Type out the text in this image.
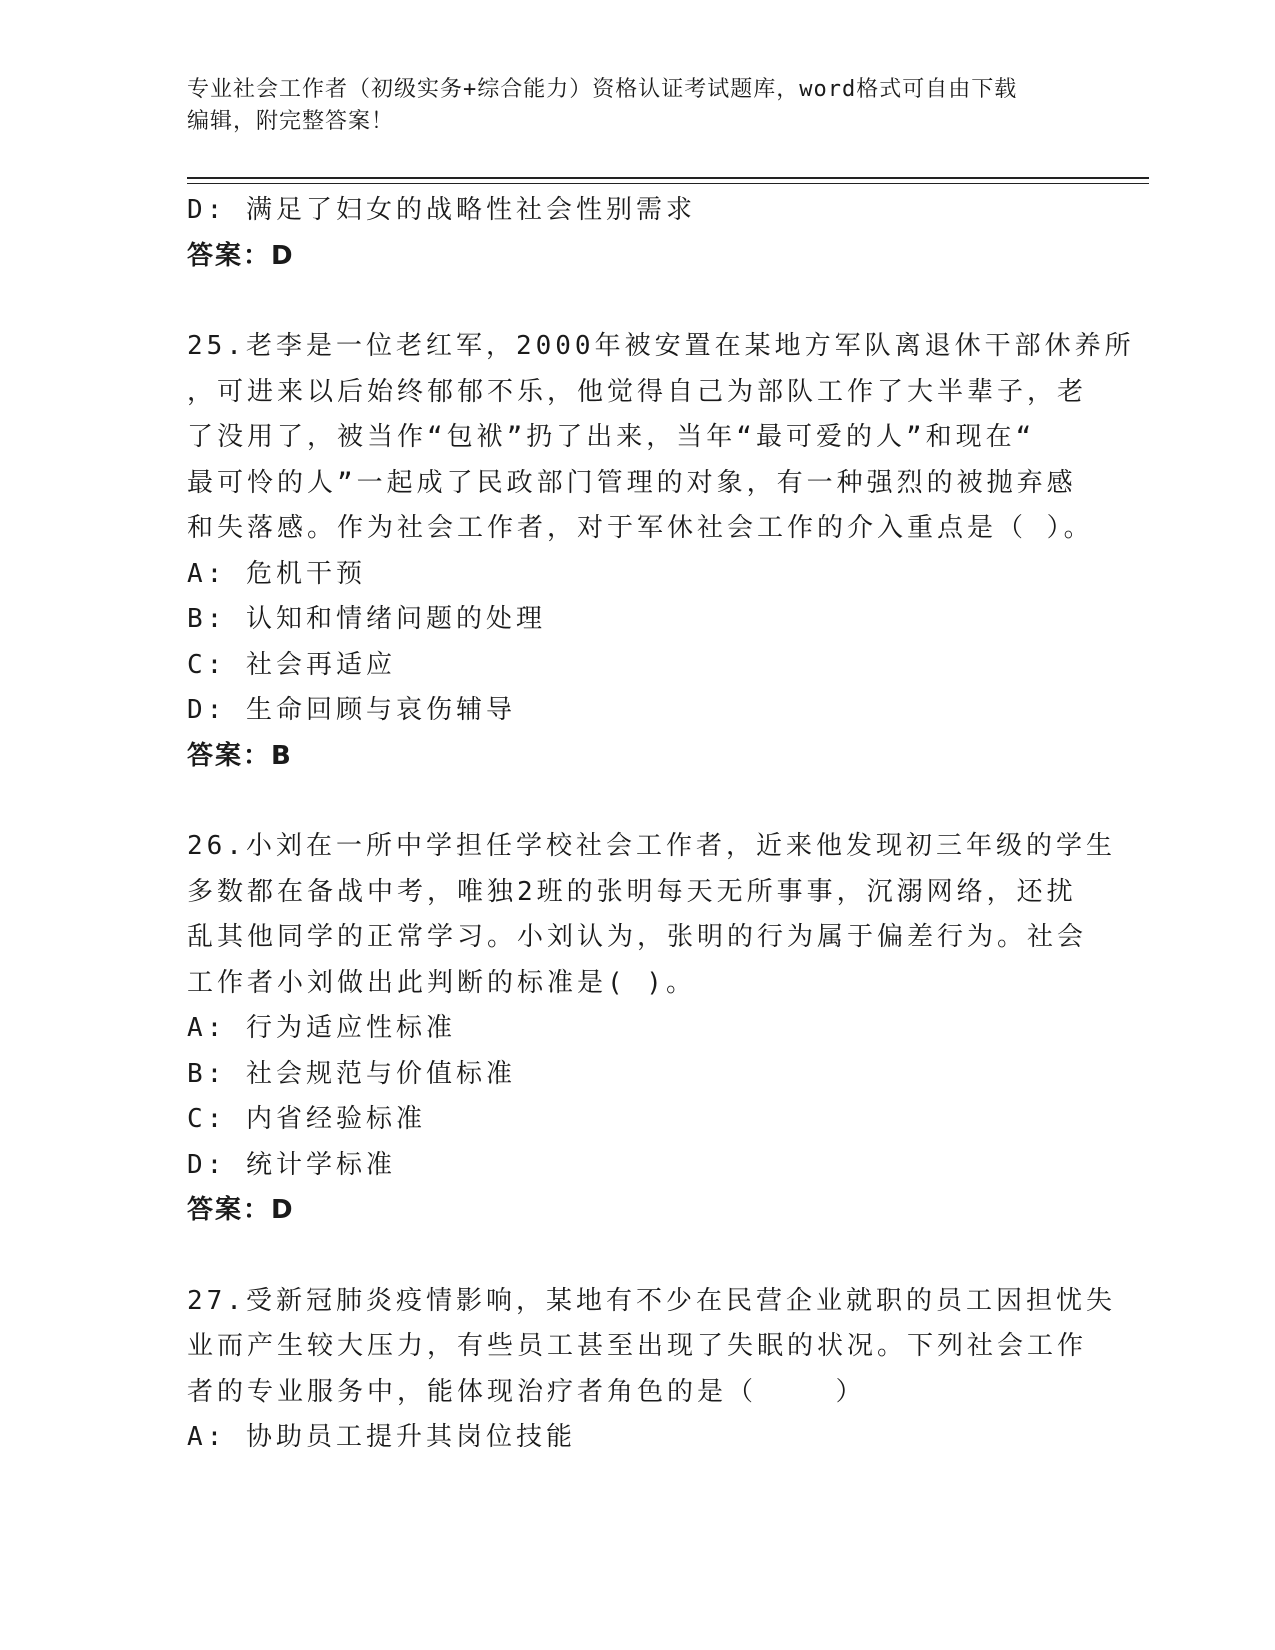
专业社会工作者（初级实务+综合能力）资格认证考试题库，word格式可自由下载
编辑，附完整答案！
D: 满足了妇女的战略性社会性别需求
答案：D
25.老李是一位老红军，2000年被安置在某地方军队离退休干部休养所
，可进来以后始终郁郁不乐，他觉得自己为部队工作了大半辈子，老
了没用了，被当作“包袱”扔了出来，当年“最可爱的人”和现在“
最可怜的人”一起成了民政部门管理的对象，有一种强烈的被抛弃感
和失落感。作为社会工作者，对于军休社会工作的介入重点是（ ）。
A: 危机干预
B: 认知和情绪问题的处理
C: 社会再适应
D: 生命回顾与哀伤辅导
答案：B
26.小刘在一所中学担任学校社会工作者，近来他发现初三年级的学生
多数都在备战中考，唯独2班的张明每天无所事事，沉溺网络，还扰
乱其他同学的正常学习。小刘认为，张明的行为属于偏差行为。社会
工作者小刘做出此判断的标准是( )。
A: 行为适应性标准
B: 社会规范与价值标准
C: 内省经验标准
D: 统计学标准
答案：D
27.受新冠肺炎疫情影响，某地有不少在民营企业就职的员工因担忧失
业而产生较大压力，有些员工甚至出现了失眠的状况。下列社会工作
者的专业服务中，能体现治疗者角色的是（    ）
A: 协助员工提升其岗位技能
